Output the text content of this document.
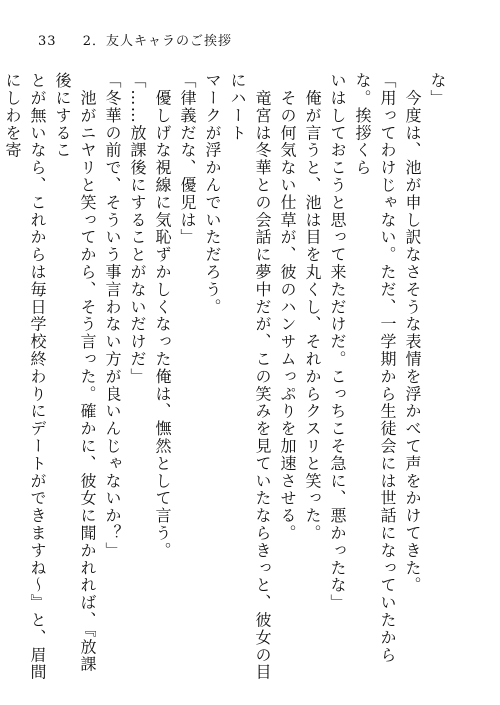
33 2．友人キャラのご挨拶

な」

　今度は、池が申し訳なさそうな表情を浮かべて声をかけてきた。

「用ってわけじゃない。ただ、一学期から生徒会には世話になっていたからな。挨拶くら

いはしておこうと思って来ただけだ。こっちこそ急に、悪かったな」

　俺が言うと、池は目を丸くし、それからクスリと笑った。

　その何気ない仕草が、彼のハンサムっぷりを加速させる。

　竜宮は冬華との会話に夢中だが、この笑みを見ていたならきっと、彼女の目にハート

マークが浮かんでいただろう。

「律義だな、優児は」

　優しげな視線に気恥ずかしくなった俺は、憮然として言う。

「……放課後にすることがないだけだ」

「冬華の前で、そういう事言わない方が良いんじゃないか？」

　池がニヤリと笑ってから、そう言った。確かに、彼女に聞かれれば、『放課後にするこ

とが無いなら、これからは毎日学校終わりにデートができますね〜』と、眉間にしわを寄
